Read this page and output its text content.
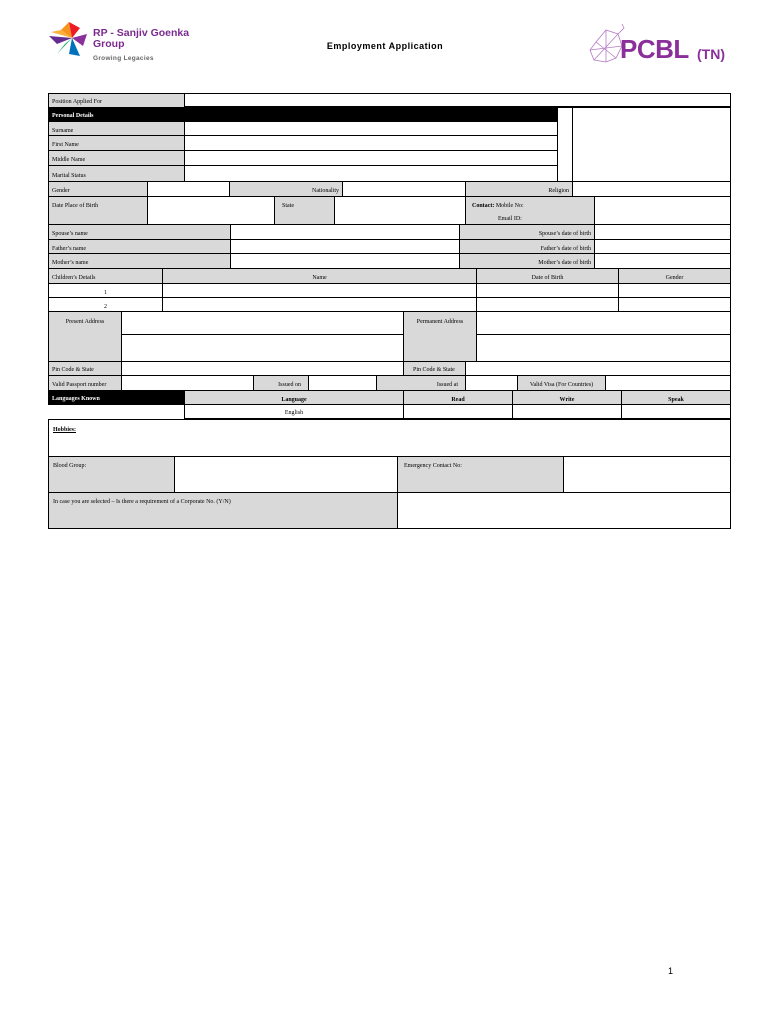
RP - Sanjiv Goenka
Group
Growing Legacies
Employment Application	PCBL (TN)
Position Applied For
Personal Details
Surname
First Name
Middle Name
Marital Status
Gender	Nationality	Religion
Date Place of Birth	State	Contact: Mobile No:
Email ID:
Spouse’s name	Spouse’s date of birth
Father’s name	Father’s date of birth
Mother’s name	Mother’s date of birth
Children’s Details	Name	Date of Birth	Gender
1
2
Present Address	Permanent Address
Pin Code & State	Pin Code & State
Valid Passport number	Issued on	Issued at	Valid Visa (For Countries)
Languages Known	Language	Read	Write	Speak
English
Hobbies:
Blood Group:	Emergency Contact No:
In case you are selected – Is there a requirement of a Corporate No. (Y/N)
1
